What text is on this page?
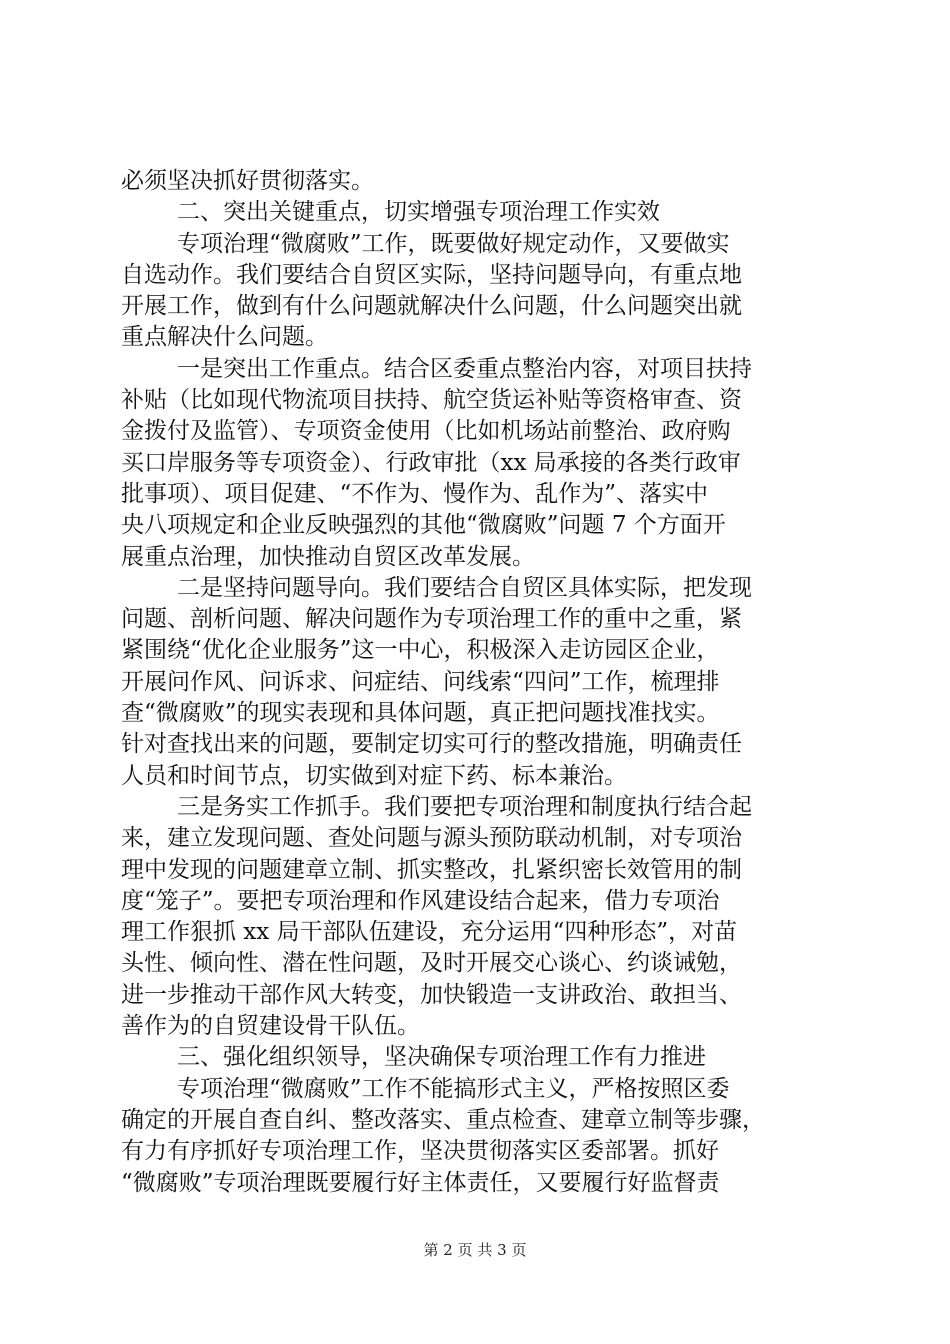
必须坚决抓好贯彻落实。
二、突出关键重点，切实增强专项治理工作实效
专项治理“微腐败”工作，既要做好规定动作，又要做实
自选动作。我们要结合自贸区实际，坚持问题导向，有重点地
开展工作，做到有什么问题就解决什么问题，什么问题突出就
重点解决什么问题。
一是突出工作重点。结合区委重点整治内容，对项目扶持
补贴（比如现代物流项目扶持、航空货运补贴等资格审查、资
金拨付及监管）、专项资金使用（比如机场站前整治、政府购
买口岸服务等专项资金）、行政审批（xx 局承接的各类行政审
批事项）、项目促建、“不作为、慢作为、乱作为”、落实中
央八项规定和企业反映强烈的其他“微腐败”问题 7 个方面开
展重点治理，加快推动自贸区改革发展。
二是坚持问题导向。我们要结合自贸区具体实际，把发现
问题、剖析问题、解决问题作为专项治理工作的重中之重，紧
紧围绕“优化企业服务”这一中心，积极深入走访园区企业，
开展问作风、问诉求、问症结、问线索“四问”工作，梳理排
查“微腐败”的现实表现和具体问题，真正把问题找准找实。
针对查找出来的问题，要制定切实可行的整改措施，明确责任
人员和时间节点，切实做到对症下药、标本兼治。
三是务实工作抓手。我们要把专项治理和制度执行结合起
来，建立发现问题、查处问题与源头预防联动机制，对专项治
理中发现的问题建章立制、抓实整改，扎紧织密长效管用的制
度“笼子”。要把专项治理和作风建设结合起来，借力专项治
理工作狠抓 xx 局干部队伍建设，充分运用“四种形态”，对苗
头性、倾向性、潜在性问题，及时开展交心谈心、约谈诫勉，
进一步推动干部作风大转变，加快锻造一支讲政治、敢担当、
善作为的自贸建设骨干队伍。
三、强化组织领导，坚决确保专项治理工作有力推进
专项治理“微腐败”工作不能搞形式主义，严格按照区委
确定的开展自查自纠、整改落实、重点检查、建章立制等步骤，
有力有序抓好专项治理工作，坚决贯彻落实区委部署。抓好
“微腐败”专项治理既要履行好主体责任，又要履行好监督责
第 2 页 共 3 页
